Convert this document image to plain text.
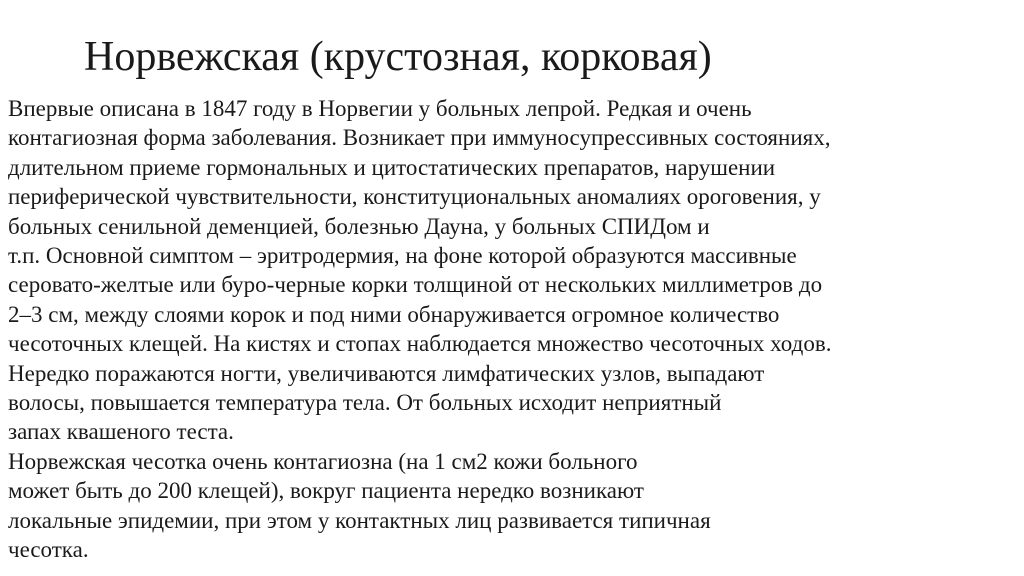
Норвежская (крустозная, корковая)
Впервые описана в 1847 году в Норвегии у больных лепрой. Редкая и очень
контагиозная форма заболевания. Возникает при иммуносупрессивных состояниях,
длительном приеме гормональных и цитостатических препаратов, нарушении
периферической чувствительности, конституциональных аномалиях ороговения, у
больных сенильной деменцией, болезнью Дауна, у больных СПИДом и
т.п. Основной симптом – эритродермия, на фоне которой образуются массивные
серовато-желтые или буро-черные корки толщиной от нескольких миллиметров до
2–3 см, между слоями корок и под ними обнаруживается огромное количество
чесоточных клещей. На кистях и стопах наблюдается множество чесоточных ходов.
Нередко поражаются ногти, увеличиваются лимфатических узлов, выпадают
волосы, повышается температура тела. От больных исходит неприятный
запах квашеного теста.
Норвежская чесотка очень контагиозна (на 1 см2 кожи больного
может быть до 200 клещей), вокруг пациента нередко возникают
локальные эпидемии, при этом у контактных лиц развивается типичная
чесотка.
